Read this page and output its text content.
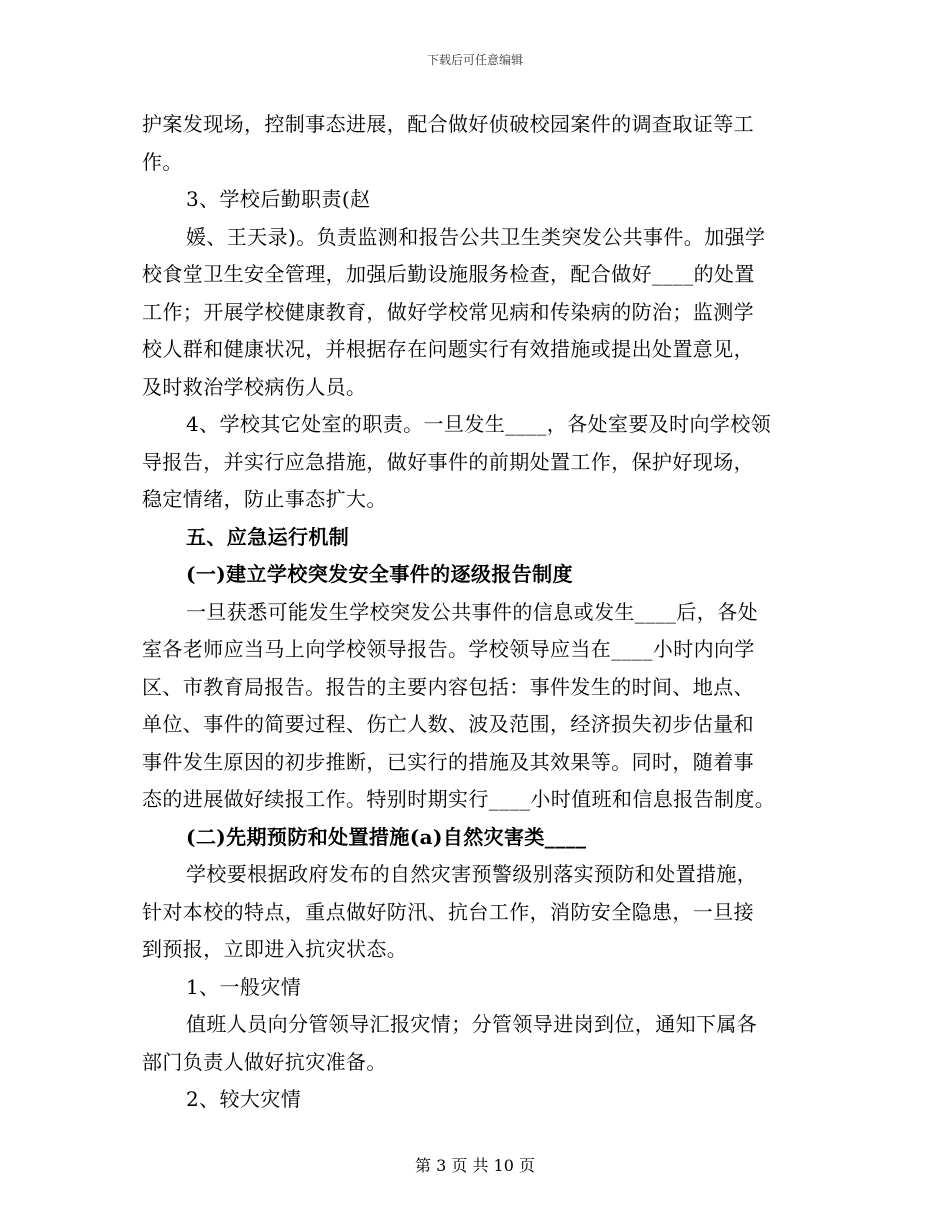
下载后可任意编辑
护案发现场，控制事态进展，配合做好侦破校园案件的调查取证等工
作。
3、学校后勤职责(赵
媛、王天录)。负责监测和报告公共卫生类突发公共事件。加强学
校食堂卫生安全管理，加强后勤设施服务检查，配合做好____的处置
工作；开展学校健康教育，做好学校常见病和传染病的防治；监测学
校人群和健康状况，并根据存在问题实行有效措施或提出处置意见，
及时救治学校病伤人员。
4、学校其它处室的职责。一旦发生____，各处室要及时向学校领
导报告，并实行应急措施，做好事件的前期处置工作，保护好现场，
稳定情绪，防止事态扩大。
五、应急运行机制
(一)建立学校突发安全事件的逐级报告制度
一旦获悉可能发生学校突发公共事件的信息或发生____后，各处
室各老师应当马上向学校领导报告。学校领导应当在____小时内向学
区、市教育局报告。报告的主要内容包括：事件发生的时间、地点、
单位、事件的简要过程、伤亡人数、波及范围，经济损失初步估量和
事件发生原因的初步推断，已实行的措施及其效果等。同时，随着事
态的进展做好续报工作。特别时期实行____小时值班和信息报告制度。
(二)先期预防和处置措施(a)自然灾害类____
学校要根据政府发布的自然灾害预警级别落实预防和处置措施，
针对本校的特点，重点做好防汛、抗台工作，消防安全隐患，一旦接
到预报，立即进入抗灾状态。
1、一般灾情
值班人员向分管领导汇报灾情；分管领导进岗到位，通知下属各
部门负责人做好抗灾准备。
2、较大灾情
第 3 页 共 10 页
